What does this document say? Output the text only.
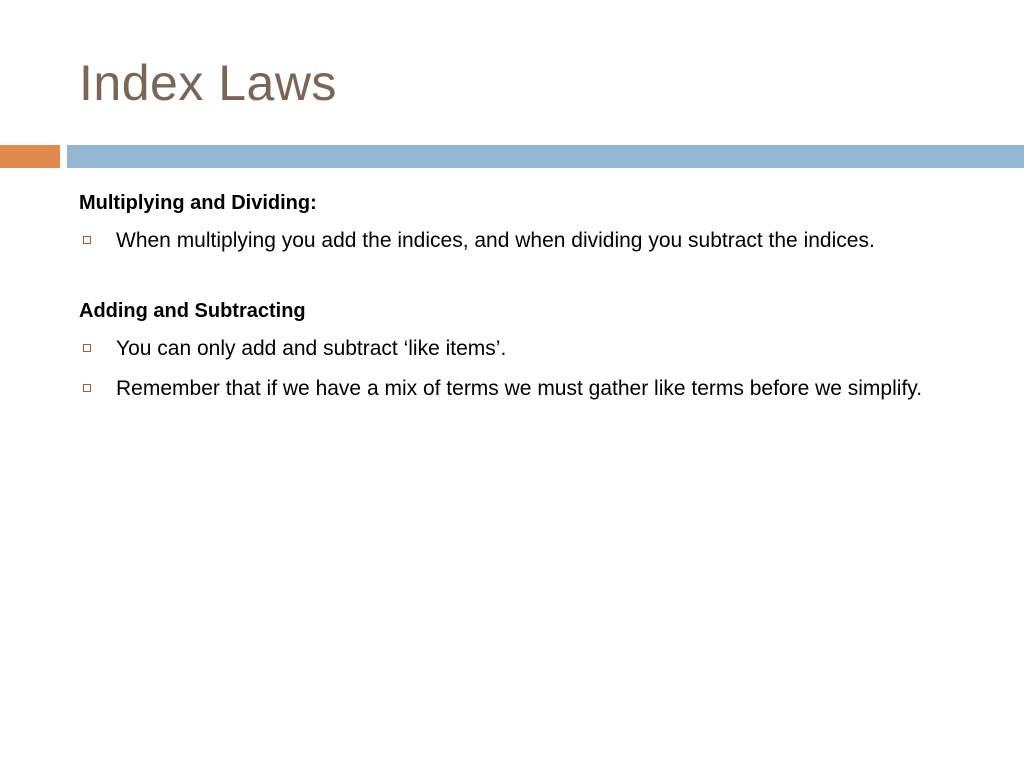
Index Laws

Multiplying and Dividing:

When multiplying you add the indices, and when dividing you subtract the indices.

Adding and Subtracting

You can only add and subtract ‘like items’.
Remember that if we have a mix of terms we must gather like terms before we simplify.
